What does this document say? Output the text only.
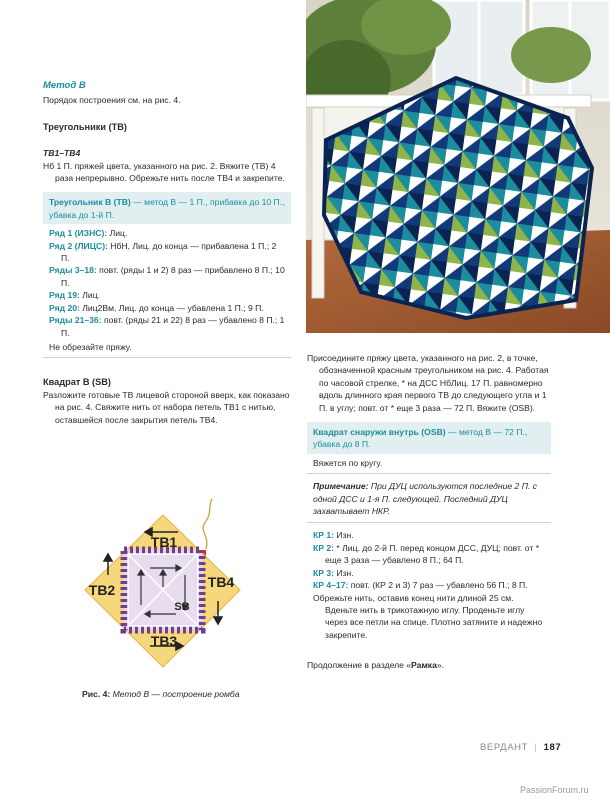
Метод B

Порядок построения см. на рис. 4.

Треугольники (ТВ)

ТВ1–ТВ4

Нб 1 П. пряжей цвета, указанного на рис. 2. Вяжите (ТВ) 4 раза непрерывно. Обрежьте нить после ТВ4 и закрепите.

Треугольник B (ТВ) — метод B — 1 П., прибавка до 10 П., убавка до 1-й П.

Ряд 1 (ИЗНС): Лиц.

Ряд 2 (ЛИЦС): НбН, Лиц. до конца — прибавлена 1 П.; 2 П.

Ряды 3–18: повт. (ряды 1 и 2) 8 раз — прибавлено 8 П.; 10 П.

Ряд 19: Лиц.

Ряд 20: Лиц2Вм, Лиц. до конца — убавлена 1 П.; 9 П.

Ряды 21–36: повт. (ряды 21 и 22) 8 раз — убавлено 8 П.; 1 П.

Не обрезайте пряжу.

Квадрат B (SB)

Разложите готовые ТВ лицевой стороной вверх, как показано на рис. 4. Свяжите нить от набора петель ТВ1 с нитью, оставшейся после закрытия петель ТВ4.

TB1
TB2
TB3
TB4
SB

Рис. 4: Метод B — построение ромба

Присоедините пряжу цвета, указанного на рис. 2, в точке, обозначенной красным треугольником на рис. 4. Работая по часовой стрелке, * на ДСС НбЛиц. 17 П. равномерно вдоль длинного края первого ТВ до следующего угла и 1 П. в углу; повт. от * еще 3 раза — 72 П. Вяжите (OSB).

Квадрат снаружи внутрь (OSB) — метод B — 72 П., убавка до 8 П.

Вяжется по кругу.

Примечание: При ДУЦ используются последние 2 П. с одной ДСС и 1-я П. следующей. Последний ДУЦ захватывает НКР.

КР 1: Изн.

КР 2: * Лиц. до 2-й П. перед концом ДСС, ДУЦ; повт. от * еще 3 раза — убавлено 8 П.; 64 П.

КР 3: Изн.

КР 4–17: повт. (КР 2 и 3) 7 раз — убавлено 56 П.; 8 П.

Обрежьте нить, оставив конец нити длиной 25 см. Вденьте нить в трикотажную иглу. Проденьте иглу через все петли на спице. Плотно затяните и надежно закрепите.

Продолжение в разделе «Рамка».

ВЕРДАНТ | 187
PassionForum.ru
